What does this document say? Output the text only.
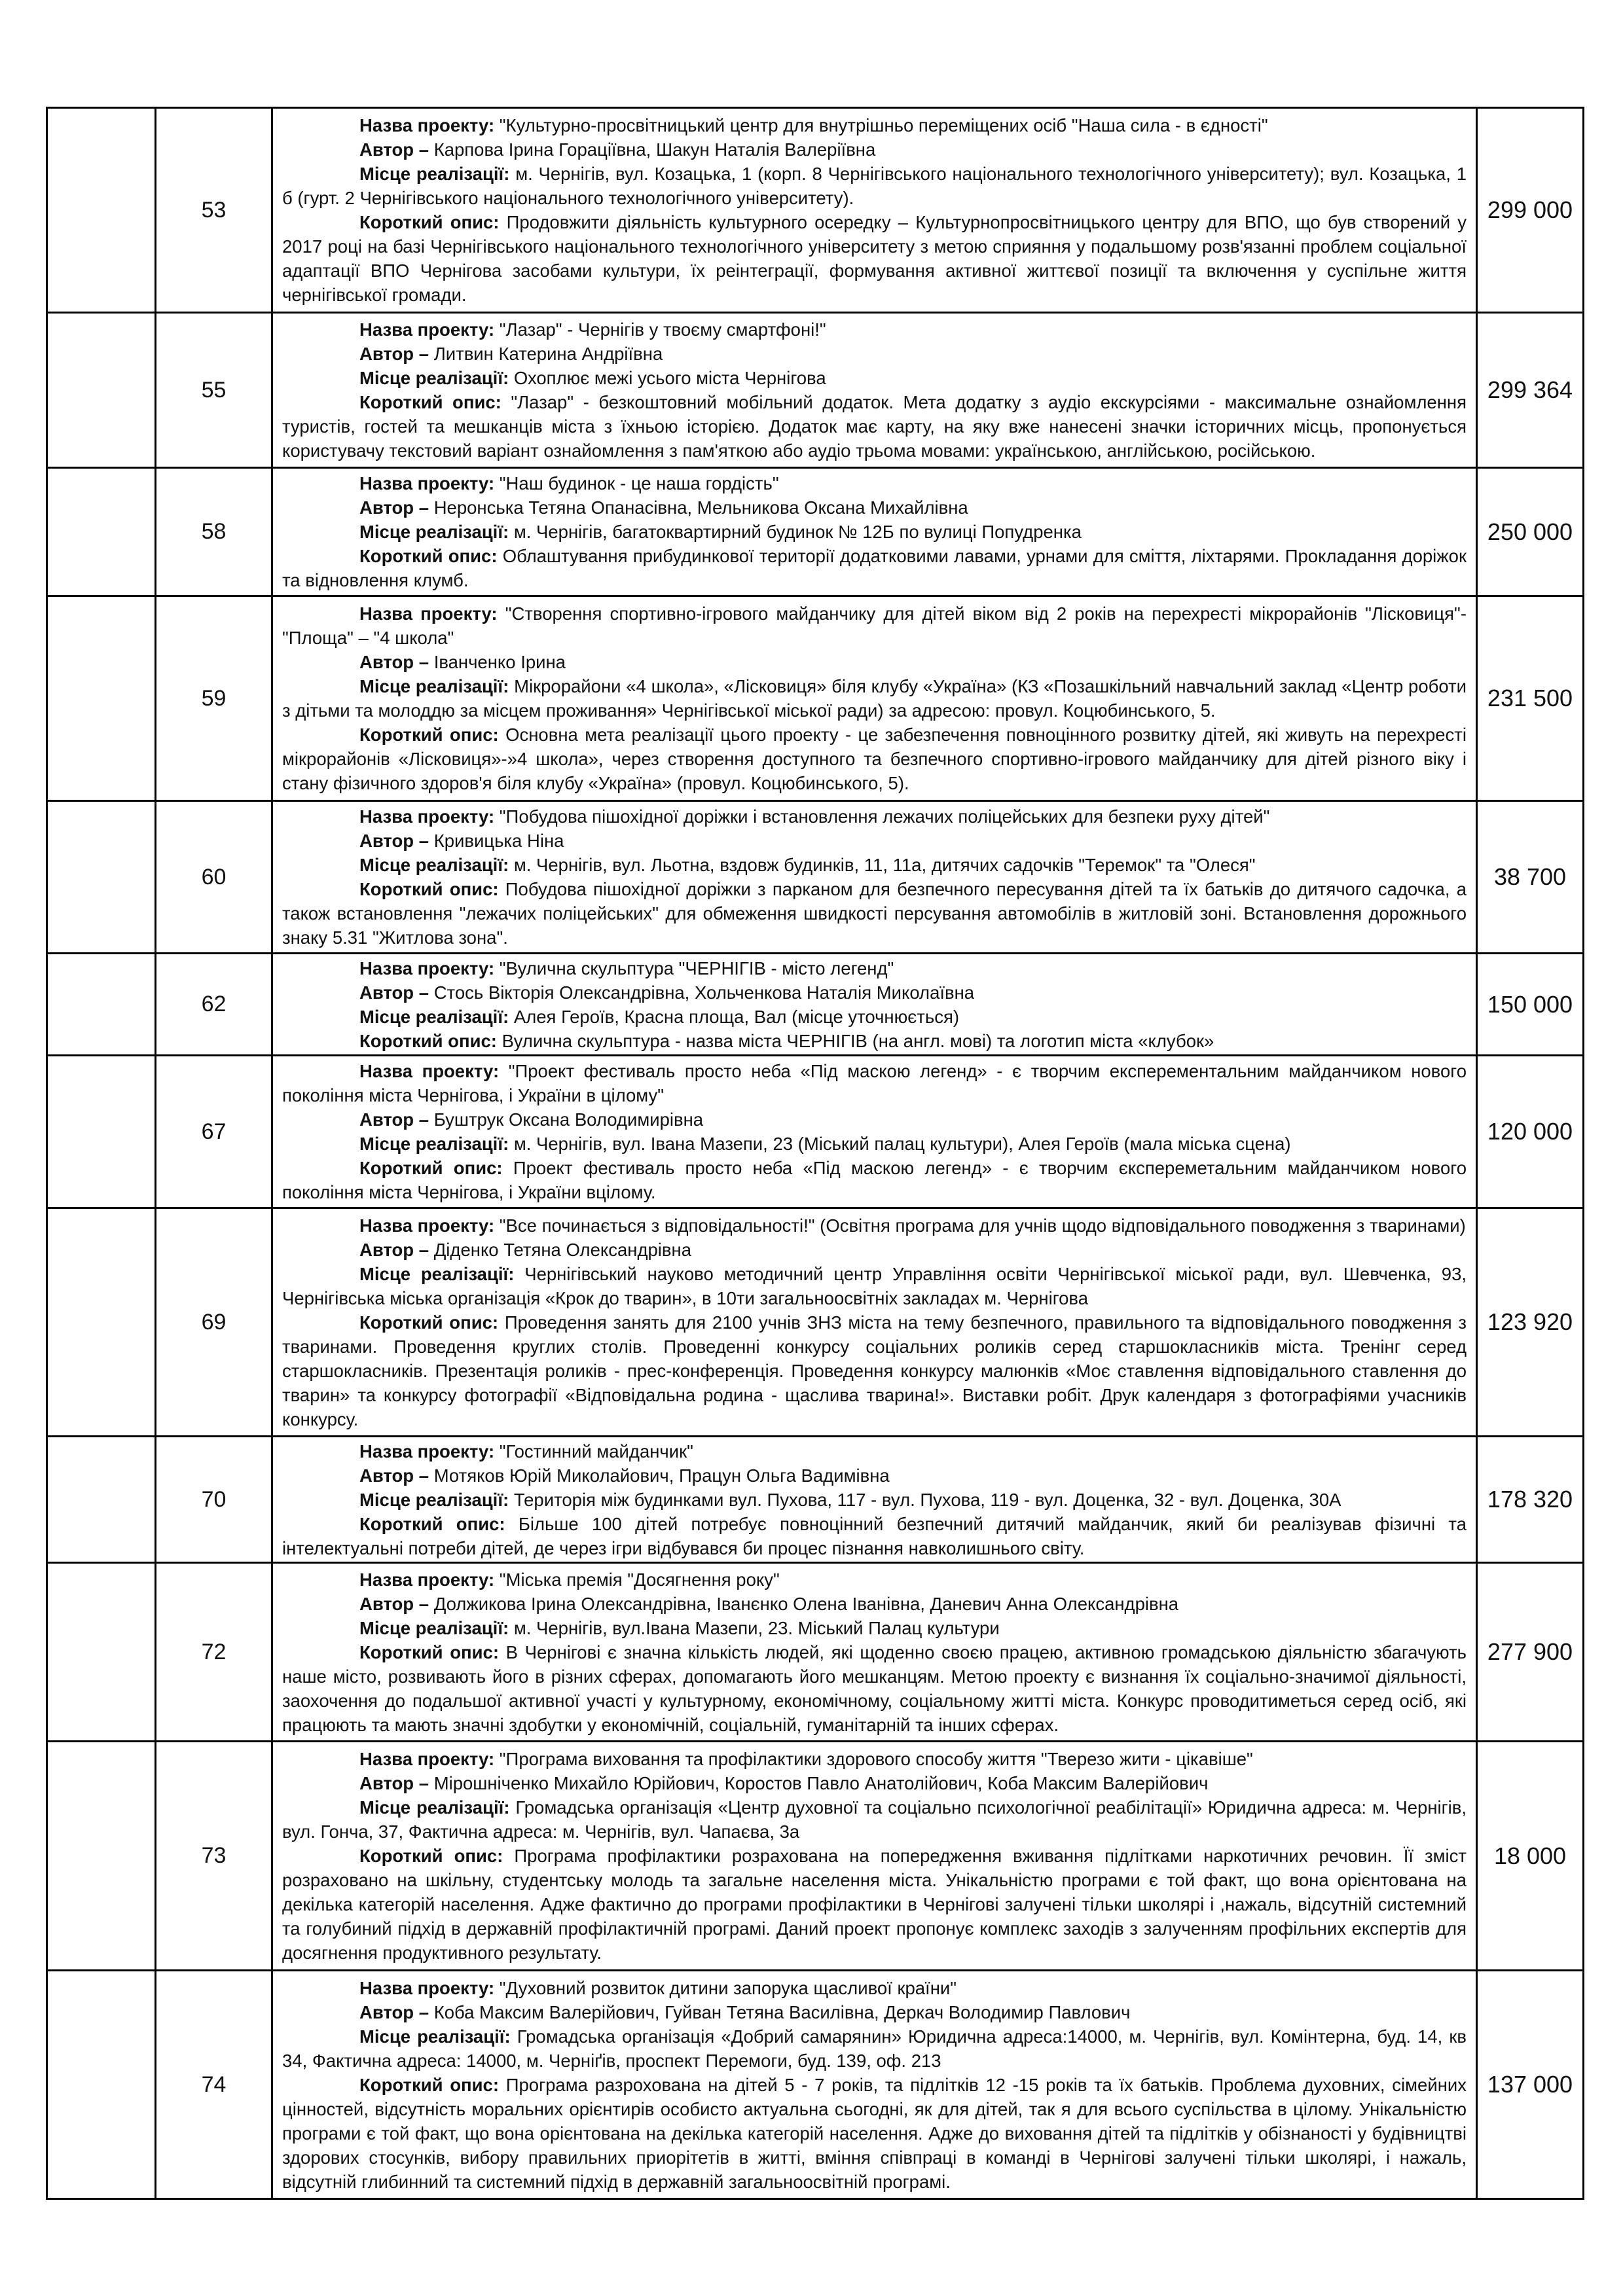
	53	Назва проекту: "Культурно-просвітницький центр для внутрішньо переміщених осіб "Наша сила - в єдності"

Автор – Карпова Ірина Гораціївна, Шакун Наталія Валеріївна

Місце реалізації: м. Чернігів, вул. Козацька, 1 (корп. 8 Чернігівського національного технологічного університету); вул. Козацька, 1 б (гурт. 2 Чернігівського національного технологічного університету).

Короткий опис: Продовжити діяльність культурного осередку – Культурнопросвітницького центру для ВПО, що був створений у 2017 році на базі Чернігівського національного технологічного університету з метою сприяння у подальшому розв'язанні проблем соціальної адаптації ВПО Чернігова засобами культури, їх реінтеграції, формування активної життєвої позиції та включення у суспільне життя чернігівської громади.	299 000
	55	Назва проекту: "Лазар" - Чернігів у твоєму смартфоні!"

Автор – Литвин Катерина Андріївна

Місце реалізації: Охоплює межі усього міста Чернігова

Короткий опис: "Лазар" - безкоштовний мобільний додаток. Мета додатку з аудіо екскурсіями - максимальне ознайомлення туристів, гостей та мешканців міста з їхньою історією. Додаток має карту, на яку вже нанесені значки історичних місць, пропонується користувачу текстовий варіант ознайомлення з пам'яткою або аудіо трьома мовами: українською, англійською, російською.	299 364
	58	Назва проекту: "Наш будинок - це наша гордість"

Автор – Неронська Тетяна Опанасівна, Мельникова Оксана Михайлівна

Місце реалізації: м. Чернігів, багатоквартирний будинок № 12Б по вулиці Попудренка

Короткий опис: Облаштування прибудинкової території додатковими лавами, урнами для сміття, ліхтарями. Прокладання доріжок та відновлення клумб.	250 000
	59	Назва проекту: "Створення спортивно-ігрового майданчику для дітей віком від 2 років на перехресті мікрорайонів "Лісковиця"-"Площа" – "4 школа"

Автор – Іванченко Ірина

Місце реалізації: Мікрорайони «4 школа», «Лісковиця» біля клубу «Україна» (КЗ «Позашкільний навчальний заклад «Центр роботи з дітьми та молоддю за місцем проживання» Чернігівської міської ради) за адресою: провул. Коцюбинського, 5.

Короткий опис: Основна мета реалізації цього проекту - це забезпечення повноцінного розвитку дітей, які живуть на перехресті мікрорайонів «Лісковиця»-»4 школа», через створення доступного та безпечного спортивно-ігрового майданчику для дітей різного віку і стану фізичного здоров'я біля клубу «Україна» (провул. Коцюбинського, 5).	231 500
	60	Назва проекту: "Побудова пішохідної доріжки і встановлення лежачих поліцейських для безпеки руху дітей"

Автор – Кривицька Ніна

Місце реалізації: м. Чернігів, вул. Льотна, вздовж будинків, 11, 11а, дитячих садочків "Теремок" та "Олеся"

Короткий опис: Побудова пішохідної доріжки з парканом для безпечного пересування дітей та їх батьків до дитячого садочка, а також встановлення "лежачих поліцейських" для обмеження швидкості персування автомобілів в житловій зоні. Встановлення дорожнього знаку 5.31 "Житлова зона".	38 700
	62	Назва проекту: "Вулична скульптура "ЧЕРНІГІВ - місто легенд"

Автор – Стось Вікторія Олександрівна, Хольченкова Наталія Миколаївна

Місце реалізації: Алея Героїв, Красна площа, Вал (місце уточнюється)

Короткий опис: Вулична скульптура - назва міста ЧЕРНІГІВ (на англ. мові) та логотип міста «клубок»	150 000
	67	Назва проекту: "Проект фестиваль просто неба «Під маскою легенд» - є творчим експерементальним майданчиком нового покоління міста Чернігова, і України в цілому"

Автор – Буштрук Оксана Володимирівна

Місце реалізації: м. Чернігів, вул. Івана Мазепи, 23 (Міський палац культури), Алея Героїв (мала міська сцена)

Короткий опис: Проект фестиваль просто неба «Під маскою легенд» - є творчим єкспереметальним майданчиком нового покоління міста Чернігова, і України вцілому.	120 000
	69	Назва проекту: "Все починається з відповідальності!" (Освітня програма для учнів щодо відповідального поводження з тваринами)

Автор – Діденко Тетяна Олександрівна

Місце реалізації: Чернігівський науково методичний центр Управління освіти Чернігівської міської ради, вул. Шевченка, 93, Чернігівська міська організація «Крок до тварин», в 10ти загальноосвітніх закладах м. Чернігова

Короткий опис: Проведення занять для 2100 учнів ЗНЗ міста на тему безпечного, правильного та відповідального поводження з тваринами. Проведення круглих столів. Проведенні конкурсу соціальних роликів серед старшокласників міста. Тренінг серед старшокласників. Презентація роликів - прес-конференція. Проведення конкурсу малюнків «Моє ставлення відповідального ставлення до тварин» та конкурсу фотографії «Відповідальна родина - щаслива тварина!». Виставки робіт. Друк календаря з фотографіями учасників конкурсу.	123 920
	70	Назва проекту: "Гостинний майданчик"

Автор – Мотяков Юрій Миколайович, Працун Ольга Вадимівна

Місце реалізації: Територія між будинками вул. Пухова, 117 - вул. Пухова, 119 - вул. Доценка, 32 - вул. Доценка, 30А

Короткий опис: Більше 100 дітей потребує повноцінний безпечний дитячий майданчик, який би реалізував фізичні та інтелектуальні потреби дітей, де через ігри відбувався би процес пізнання навколишнього світу.	178 320
	72	Назва проекту: "Міська премія "Досягнення року"

Автор – Должикова Ірина Олександрівна, Іванєнко Олена Іванівна, Даневич Анна Олександрівна

Місце реалізації: м. Чернігів, вул.Івана Мазепи, 23. Міський Палац культури

Короткий опис: В Чернігові є значна кількість людей, які щоденно своєю працею, активною громадською діяльністю збагачують наше місто, розвивають його в різних сферах, допомагають його мешканцям. Метою проекту є визнання їх соціально-значимої діяльності, заохочення до подальшої активної участі у культурному, економічному, соціальному житті міста. Конкурс проводитиметься серед осіб, які працюють та мають значні здобутки у економічній, соціальній, гуманітарній та інших сферах.	277 900
	73	Назва проекту: "Програма виховання та профілактики здорового способу життя "Тверезо жити - цікавіше"

Автор – Мірошніченко Михайло Юрійович, Коростов Павло Анатолійович, Коба Максим Валерійович

Місце реалізації: Громадська організація «Центр духовної та соціально психологічної реабілітації» Юридична адреса: м. Чернігів, вул. Гонча, 37, Фактична адреса: м. Чернігів, вул. Чапаєва, 3а

Короткий опис: Програма профілактики розрахована на попередження вживання підлітками наркотичних речовин. Її зміст розраховано на шкільну, студентську молодь та загальне населення міста. Унікальністю програми є той факт, що вона орієнтована на декілька категорій населення. Адже фактично до програми профілактики в Чернігові залучені тільки школярі і ,нажаль, відсутній системний та голубиний підхід в державній профілактичній програмі. Даний проект пропонує комплекс заходів з залученням профільних експертів для досягнення продуктивного результату.	18 000
	74	Назва проекту: "Духовний розвиток дитини запорука щасливої країни"

Автор – Коба Максим Валерійович, Гуйван Тетяна Василівна, Деркач Володимир Павлович

Місце реалізації: Громадська організація «Добрий самарянин» Юридична адреса:14000, м. Чернігів, вул. Комінтерна, буд. 14, кв 34, Фактична адреса: 14000, м. Черніґів, проспект Перемоги, буд. 139, оф. 213

Короткий опис: Програма разрохована на дітей 5 - 7 років, та підлітків 12 -15 років та їх батьків. Проблема духовних, сімейних цінностей, відсутність моральних орієнтирів особисто актуальна сьогодні, як для дітей, так я для всього суспільства в цілому. Унікальністю програми є той факт, що вона орієнтована на декілька категорій населення. Адже до виховання дітей та підлітків у обізнаності у будівництві здорових стосунків, вибору правильних приорітетів в житті, вміння співпраці в команді в Чернігові залучені тільки школярі, і нажаль, відсутній глибинний та системний підхід в державній загальноосвітній програмі.	137 000
